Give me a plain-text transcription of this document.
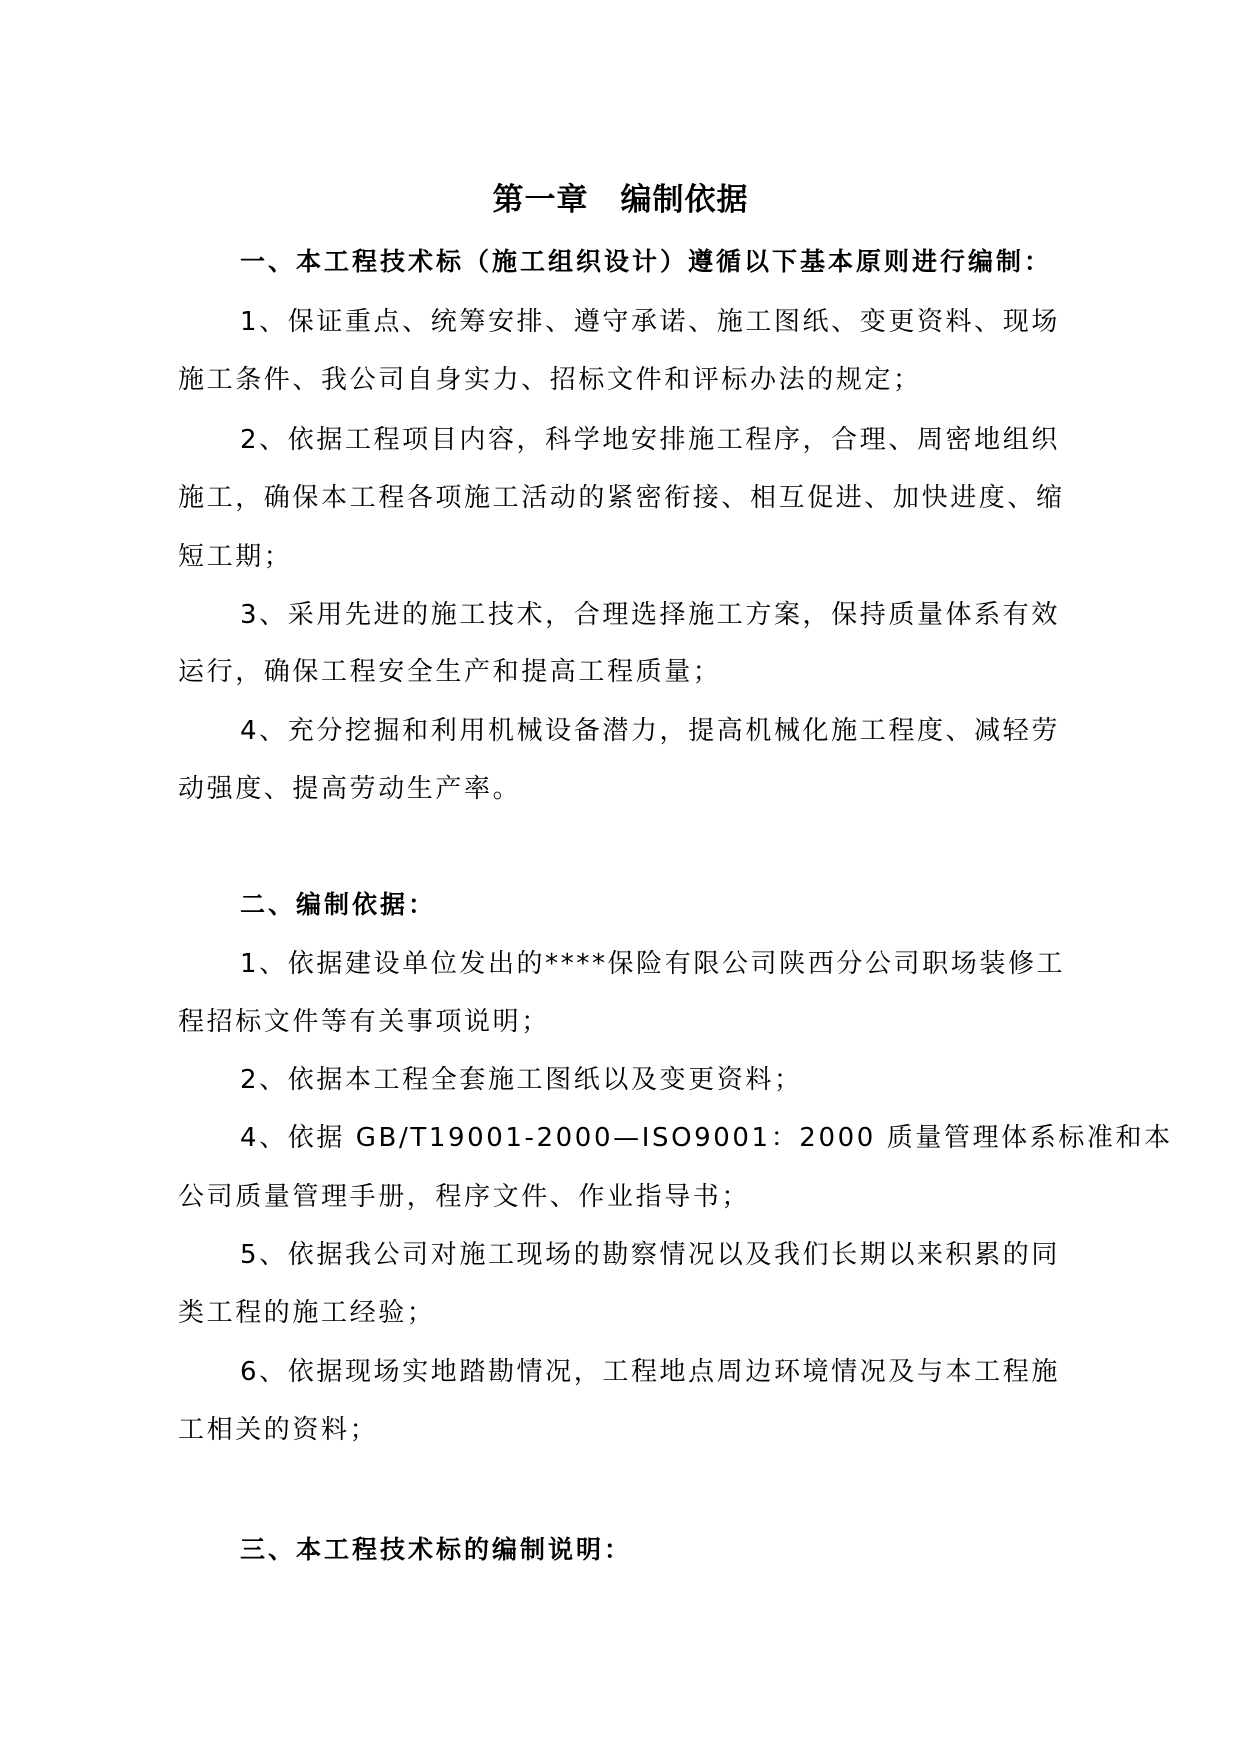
第一章　编制依据
一、本工程技术标（施工组织设计）遵循以下基本原则进行编制：
1、保证重点、统筹安排、遵守承诺、施工图纸、变更资料、现场
施工条件、我公司自身实力、招标文件和评标办法的规定；
2、依据工程项目内容，科学地安排施工程序，合理、周密地组织
施工，确保本工程各项施工活动的紧密衔接、相互促进、加快进度、缩
短工期；
3、采用先进的施工技术，合理选择施工方案，保持质量体系有效
运行，确保工程安全生产和提高工程质量；
4、充分挖掘和利用机械设备潜力，提高机械化施工程度、减轻劳
动强度、提高劳动生产率。
二、编制依据：
1、依据建设单位发出的****保险有限公司陕西分公司职场装修工
程招标文件等有关事项说明；
2、依据本工程全套施工图纸以及变更资料；
4、依据 GB/T19001-2000—ISO9001：2000 质量管理体系标准和本
公司质量管理手册，程序文件、作业指导书；
5、依据我公司对施工现场的勘察情况以及我们长期以来积累的同
类工程的施工经验；
6、依据现场实地踏勘情况，工程地点周边环境情况及与本工程施
工相关的资料；
三、本工程技术标的编制说明：
